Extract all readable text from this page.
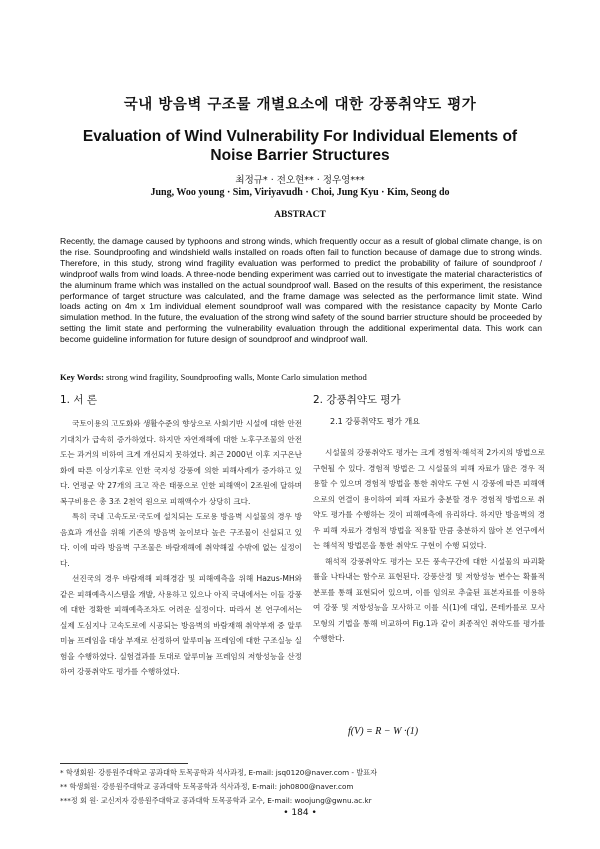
국내 방음벽 구조물 개별요소에 대한 강풍취약도 평가
Evaluation of Wind Vulnerability For Individual Elements of Noise Barrier Structures
최정규* · 전오현** · 정우영***
Jung, Woo young · Sim, Viriyavudh · Choi, Jung Kyu · Kim, Seong do
ABSTRACT
Recently, the damage caused by typhoons and strong winds, which frequently occur as a result of global climate change, is on the rise. Soundproofing and windshield walls installed on roads often fail to function because of damage due to strong winds. Therefore, in this study, strong wind fragility evaluation was performed to predict the probability of failure of soundproof / windproof walls from wind loads. A three-node bending experiment was carried out to investigate the material characteristics of the aluminum frame which was installed on the actual soundproof wall. Based on the results of this experiment, the resistance performance of target structure was calculated, and the frame damage was selected as the performance limit state. Wind loads acting on 4m x 1m individual element soundproof wall was compared with the resistance capacity by Monte Carlo simulation method. In the future, the evaluation of the strong wind safety of the sound barrier structure should be proceeded by setting the limit state and performing the vulnerability evaluation through the additional experimental data. This work can become guideline information for future design of soundproof and windproof wall.
Key Words: strong wind fragility, Soundproofing walls, Monte Carlo simulation method
1. 서 론	2. 강풍취약도 평가

국토이용의 고도화와 생활수준의 향상으로 사회기반 시설에 대한 안전 기대치가 급속히 증가하였다. 하지만 자연재해에 대한 노후구조물의 안전도는 과거의 비하여 크게 개선되지 못하였다. 최근 2000년 이후 지구온난화에 따른 이상기후로 인한 국지성 강풍에 의한 피해사례가 증가하고 있다. 연평균 약 27개의 크고 작은 태풍으로 인한 피해액이 2조원에 달하며 복구비용은 총 3조 2천억 원으로 피해액수가 상당히 크다.

특히 국내 고속도로·국도에 설치되는 도로용 방음벽 시설물의 경우 방음효과 개선을 위해 기존의 방음벽 높이보다 높은 구조물이 신설되고 있다. 이에 따라 방음벽 구조물은 바람재해에 취약해질 수밖에 없는 실정이다.

선진국의 경우 바람재해 피해경감 및 피해예측을 위해 Hazus-MH와 같은 피해예측시스템을 개발, 사용하고 있으나 아직 국내에서는 이들 강풍에 대한 정확한 피해예측조차도 어려운 실정이다. 따라서 본 연구에서는 실제 도심지나 고속도로에 시공되는 방음벽의 바람재해 취약부재 중 알루미늄 프레임을 대상 부재로 선정하여 알루미늄 프레임에 대한 구조실능 실험을 수행하였다. 실험결과를 토대로 알루미늄 프레임의 저항성능을 산정하여 강풍취약도 평가를 수행하였다.

2.1 강풍취약도 평가 개요

시설물의 강풍취약도 평가는 크게 경험적·해석적 2가지의 방법으로 구현될 수 있다. 경험적 방법은 그 시설물의 피해 자료가 많은 경우 적용할 수 있으며 경험적 방법을 통한 취약도 구현 시 강풍에 따른 피해액으로의 연결이 용이하여 피해 자료가 충분할 경우 경험적 방법으로 취약도 평가를 수행하는 것이 피해예측에 유리하다. 하지만 방음벽의 경우 피해 자료가 경험적 방법을 적용할 만큼 충분하지 않아 본 연구에서는 해석적 방법론을 통한 취약도 구현이 수행 되었다.

해석적 강풍취약도 평가는 모든 풍속구간에 대한 시설물의 파괴확률을 나타내는 함수로 표현된다. 강풍산정 및 저항성능 변수는 확률적 분포를 통해 표현되어 있으며, 이를 임의로 추출된 표본자료를 이용하여 강풍 및 저항성능을 모사하고 이를 식(1)에 대입, 몬테카를로 모사모형의 기법을 통해 비교하여 Fig.1과 같이 최종적인 취약도를 평가를 수행한다.

f(V) = R − W ·(1)
* 학생회원· 강릉원주대학교 공과대학 토목공학과 석사과정, E-mail: jsq0120@naver.com - 발표자
** 학생회원· 강릉원주대학교 공과대학 토목공학과 석사과정, E-mail: joh0800@naver.com
***정 회 원· 교신저자 강릉원주대학교 공과대학 토목공학과 교수, E-mail: woojung@gwnu.ac.kr
• 184 •
